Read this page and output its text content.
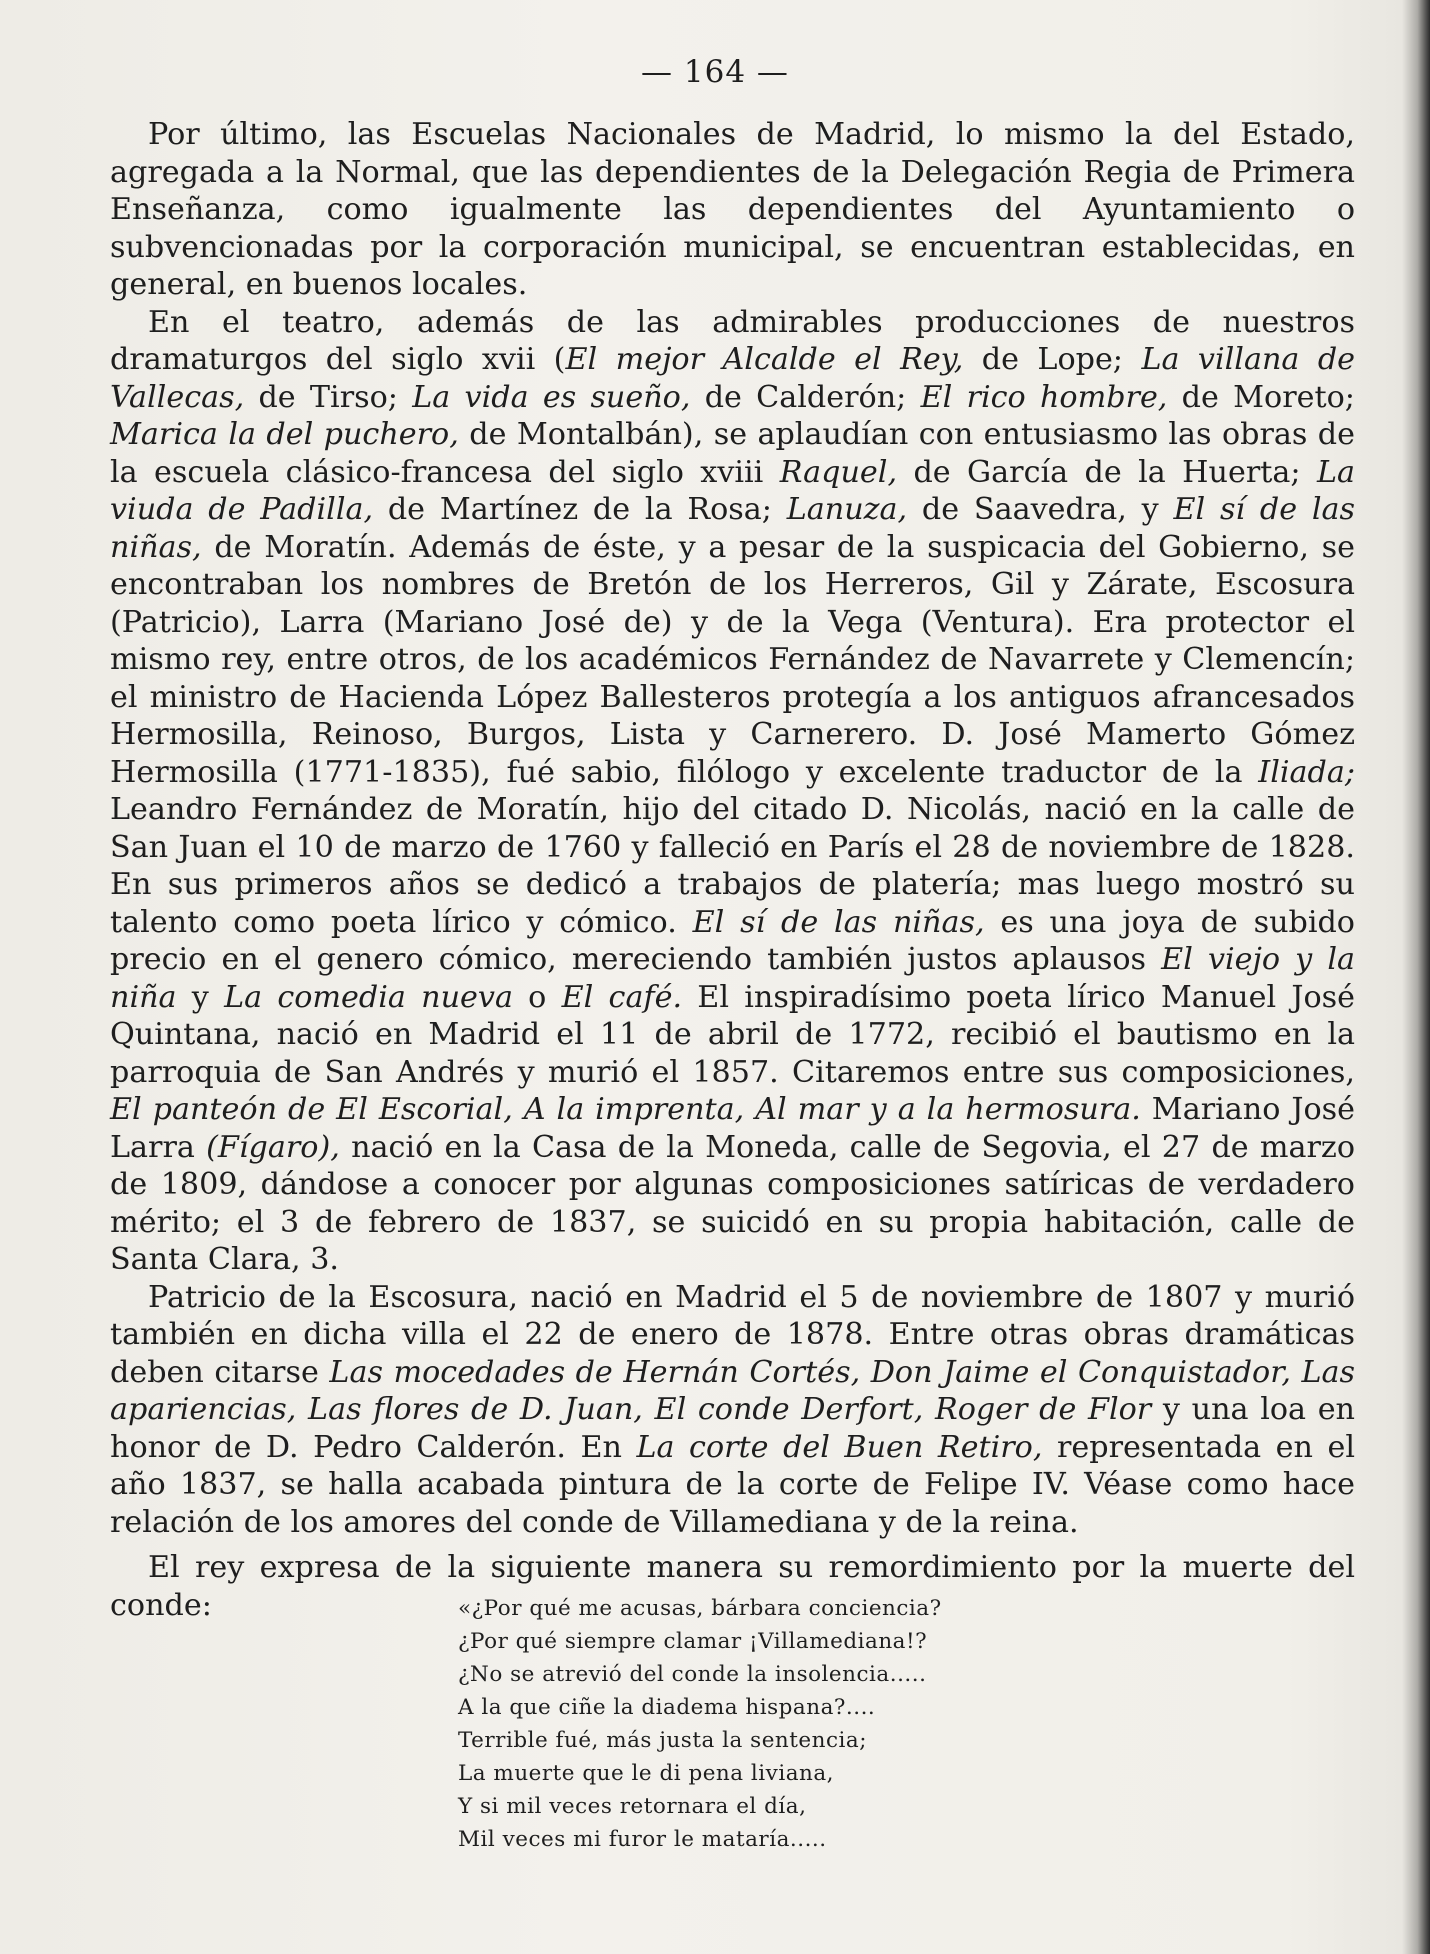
— 164 —

Por último, las Escuelas Nacionales de Madrid, lo mismo la del Estado, agregada a la Normal, que las dependientes de la Delegación Regia de Primera Enseñanza, como igualmente las dependientes del Ayuntamiento o subvencionadas por la corporación municipal, se encuentran establecidas, en general, en buenos locales.

En el teatro, además de las admirables producciones de nuestros dramaturgos del siglo xvii (El mejor Alcalde el Rey, de Lope; La villana de Vallecas, de Tirso; La vida es sueño, de Calderón; El rico hombre, de Moreto; Marica la del puchero, de Montalbán), se aplaudían con entusiasmo las obras de la escuela clásico-francesa del siglo xviii Raquel, de García de la Huerta; La viuda de Padilla, de Martínez de la Rosa; Lanuza, de Saavedra, y El sí de las niñas, de Moratín. Además de éste, y a pesar de la suspicacia del Gobierno, se encontraban los nombres de Bretón de los Herreros, Gil y Zárate, Escosura (Patricio), Larra (Mariano José de) y de la Vega (Ventura). Era protector el mismo rey, entre otros, de los académicos Fernández de Navarrete y Clemencín; el ministro de Hacienda López Ballesteros protegía a los antiguos afrancesados Hermosilla, Reinoso, Burgos, Lista y Carnerero. D. José Mamerto Gómez Hermosilla (1771-1835), fué sabio, filólogo y excelente traductor de la Iliada; Leandro Fernández de Moratín, hijo del citado D. Nicolás, nació en la calle de San Juan el 10 de marzo de 1760 y falleció en París el 28 de noviembre de 1828. En sus primeros años se dedicó a trabajos de platería; mas luego mostró su talento como poeta lírico y cómico. El sí de las niñas, es una joya de subido precio en el genero cómico, mereciendo también justos aplausos El viejo y la niña y La comedia nueva o El café. El inspiradísimo poeta lírico Manuel José Quintana, nació en Madrid el 11 de abril de 1772, recibió el bautismo en la parroquia de San Andrés y murió el 1857. Citaremos entre sus composiciones, El panteón de El Escorial, A la imprenta, Al mar y a la hermosura. Mariano José Larra (Fígaro), nació en la Casa de la Moneda, calle de Segovia, el 27 de marzo de 1809, dándose a conocer por algunas composiciones satíricas de verdadero mérito; el 3 de febrero de 1837, se suicidó en su propia habitación, calle de Santa Clara, 3.

Patricio de la Escosura, nació en Madrid el 5 de noviembre de 1807 y murió también en dicha villa el 22 de enero de 1878. Entre otras obras dramáticas deben citarse Las mocedades de Hernán Cortés, Don Jaime el Conquistador, Las apariencias, Las flores de D. Juan, El conde Derfort, Roger de Flor y una loa en honor de D. Pedro Calderón. En La corte del Buen Retiro, representada en el año 1837, se halla acabada pintura de la corte de Felipe IV. Véase como hace relación de los amores del conde de Villamediana y de la reina.

El rey expresa de la siguiente manera su remordimiento por la muerte del conde:	«¿Por qué me acusas, bárbara conciencia?
¿Por qué siempre clamar ¡Villamediana!?
¿No se atrevió del conde la insolencia.....
A la que ciñe la diadema hispana?....
Terrible fué, más justa la sentencia;
La muerte que le di pena liviana,
Y si mil veces retornara el día,
Mil veces mi furor le mataría.....
